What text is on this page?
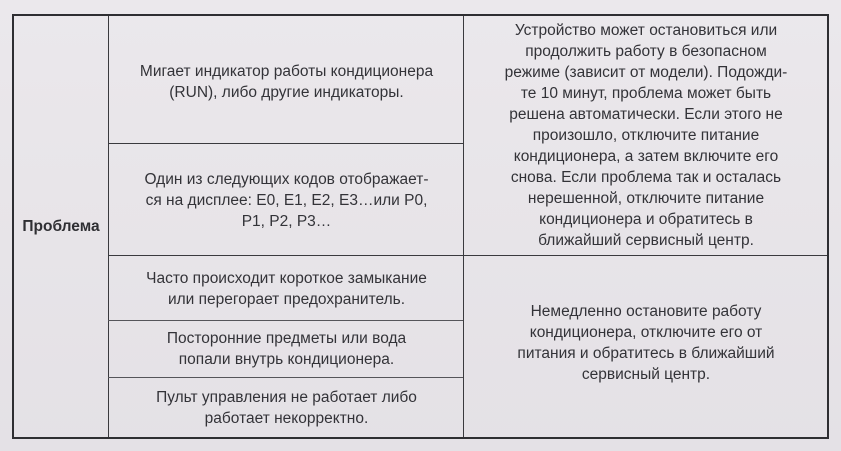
Проблема
Мигает индикатор работы кондиционера
(RUN), либо другие индикаторы.
Один из следующих кодов отображает-
ся на дисплее: E0, E1, E2, E3…или P0,
P1, P2, P3…
Часто происходит короткое замыкание
или перегорает предохранитель.
Посторонние предметы или вода
попали внутрь кондиционера.
Пульт управления не работает либо
работает некорректно.
Устройство может остановиться или
продолжить работу в безопасном
режиме (зависит от модели). Подожди-
те 10 минут, проблема может быть
решена автоматически. Если этого не
произошло, отключите питание
кондиционера, а затем включите его
снова. Если проблема так и осталась
нерешенной, отключите питание
кондиционера и обратитесь в
ближайший сервисный центр.
Немедленно остановите работу
кондиционера, отключите его от
питания и обратитесь в ближайший
сервисный центр.
